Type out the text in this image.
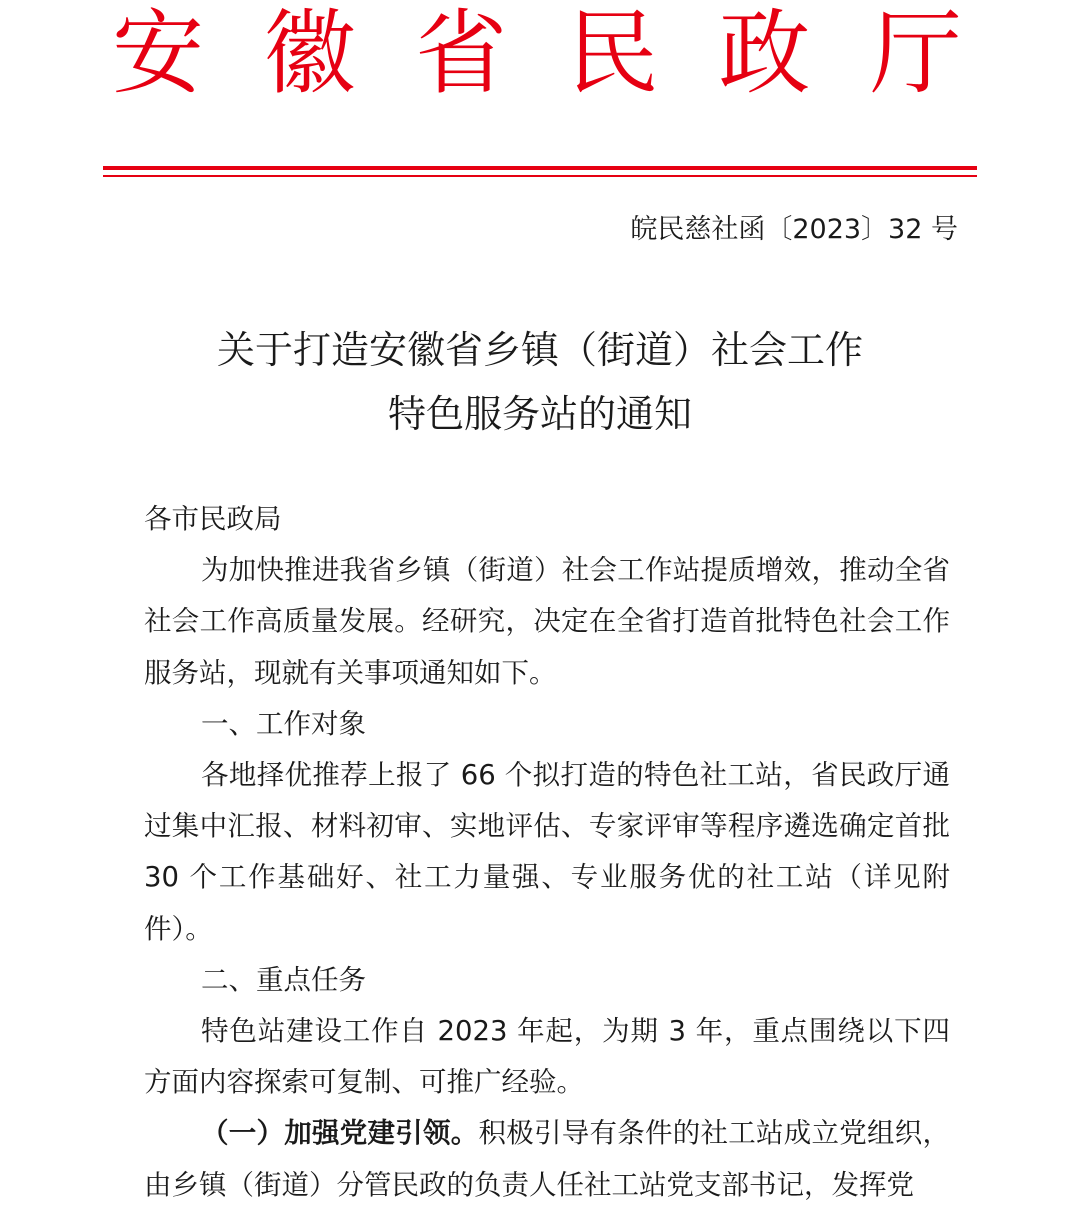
安 徽 省 民 政 厅
皖民慈社函〔2023〕32 号
关于打造安徽省乡镇（街道）社会工作
特色服务站的通知

各市民政局

为加快推进我省乡镇（街道）社会工作站提质增效，推动全省社会工作高质量发展。经研究，决定在全省打造首批特色社会工作服务站，现就有关事项通知如下。

一、工作对象

各地择优推荐上报了 66 个拟打造的特色社工站，省民政厅通过集中汇报、材料初审、实地评估、专家评审等程序遴选确定首批 30 个工作基础好、社工力量强、专业服务优的社工站（详见附件）。

二、重点任务

特色站建设工作自 2023 年起，为期 3 年，重点围绕以下四方面内容探索可复制、可推广经验。

（一）加强党建引领。积极引导有条件的社工站成立党组织，由乡镇（街道）分管民政的负责人任社工站党支部书记，发挥党
